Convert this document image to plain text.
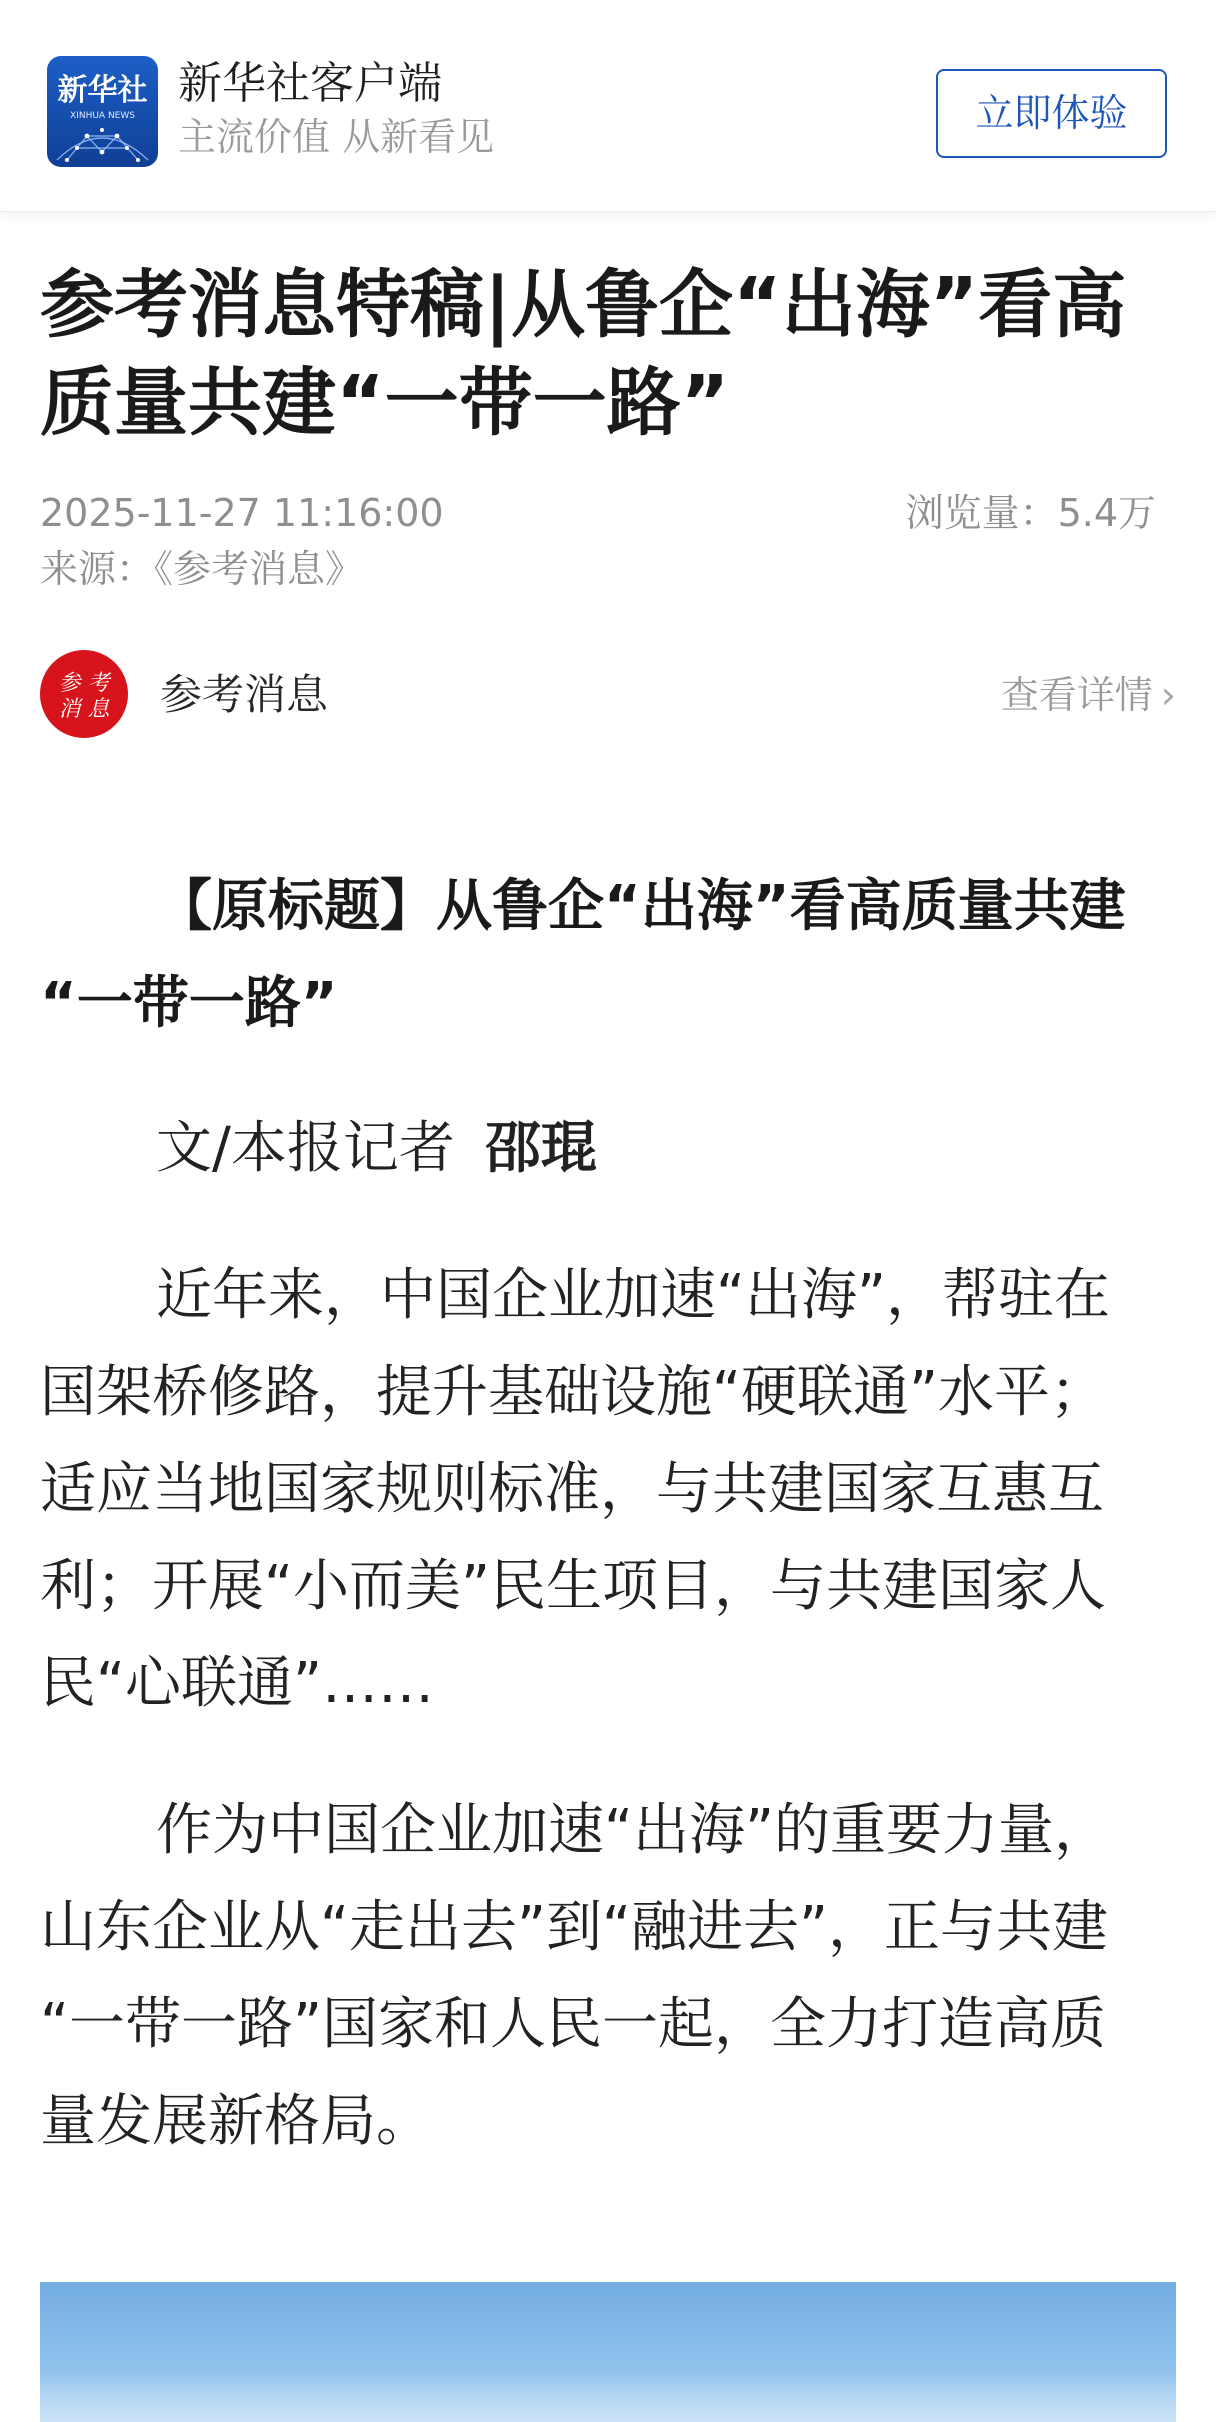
新华社
XINHUA NEWS
新华社客户端
主流价值 从新看见
立即体验
参考消息特稿|从鲁企“出海”看高
质量共建“一带一路”
2025-11-27 11:16:00	浏览量：5.4万
来源：《参考消息》
参 考
消 息 参考消息	查看详情 ›

【原标题】从鲁企“出海”看高质量共建
“一带一路”

文/本报记者 邵琨

近年来，中国企业加速“出海”，帮驻在
国架桥修路，提升基础设施“硬联通”水平；
适应当地国家规则标准，与共建国家互惠互
利；开展“小而美”民生项目，与共建国家人
民“心联通”……

作为中国企业加速“出海”的重要力量，
山东企业从“走出去”到“融进去”，正与共建
“一带一路”国家和人民一起，全力打造高质
量发展新格局。
